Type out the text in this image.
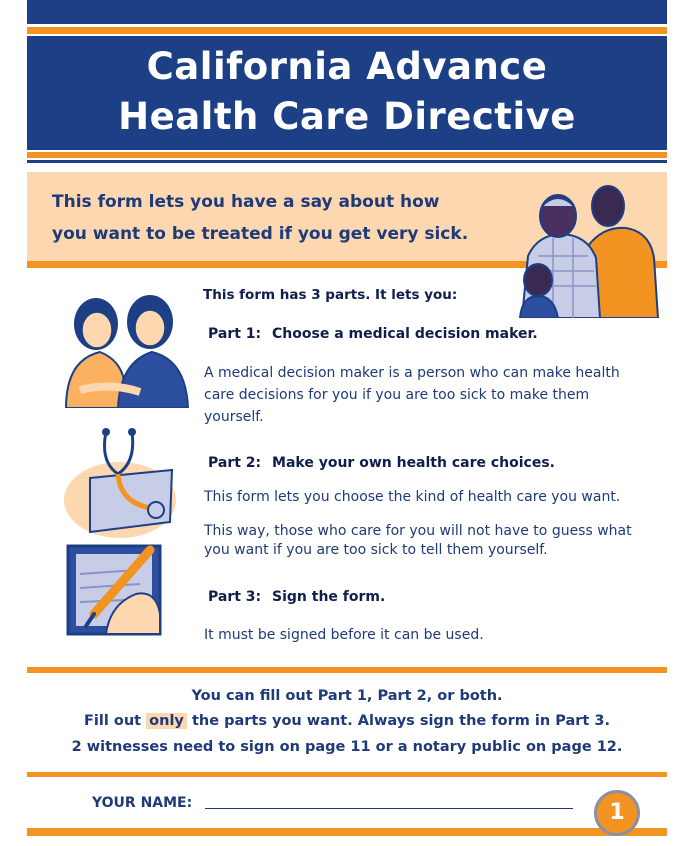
California Advance
Health Care Directive
This form lets you have a say about how
you want to be treated if you get very sick.
This form has 3 parts. It lets you:
Part 1: Choose a medical decision maker.
A medical decision maker is a person who can make health care decisions for you if you are too sick to make them yourself.
Part 2: Make your own health care choices.
This form lets you choose the kind of health care you want.
This way, those who care for you will not have to guess what you want if you are too sick to tell them yourself.
Part 3: Sign the form.
It must be signed before it can be used.
You can fill out Part 1, Part 2, or both.
Fill out only the parts you want. Always sign the form in Part 3.
2 witnesses need to sign on page 11 or a notary public on page 12.
YOUR NAME:	1
